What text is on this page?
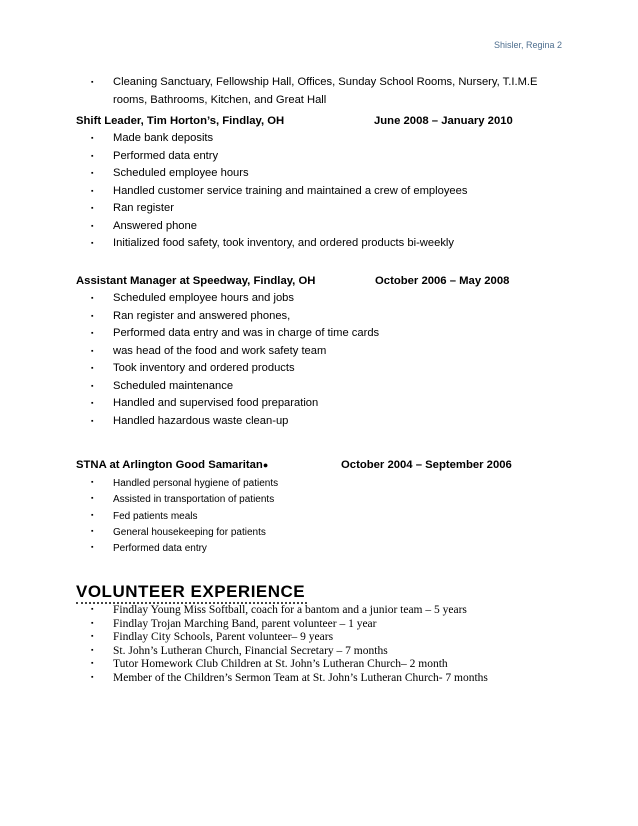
Shisler, Regina 2
▪ Cleaning Sanctuary, Fellowship Hall, Offices, Sunday School Rooms, Nursery, T.I.M.E rooms, Bathrooms, Kitchen, and Great Hall
Shift Leader, Tim Horton’s, Findlay, OH	June 2008 – January 2010
▪ Made bank deposits
▪ Performed data entry
▪ Scheduled employee hours
▪ Handled customer service training and maintained a crew of employees
▪ Ran register
▪ Answered phone
▪ Initialized food safety, took inventory, and ordered products bi-weekly
Assistant Manager at Speedway, Findlay, OH	October 2006 – May 2008
▪ Scheduled employee hours and jobs
▪ Ran register and answered phones,
▪ Performed data entry and was in charge of time cards
▪ was head of the food and work safety team
▪ Took inventory and ordered products
▪ Scheduled maintenance
▪ Handled and supervised food preparation
▪ Handled hazardous waste clean-up
STNA at Arlington Good Samaritan●	October 2004 – September 2006
▪ Handled personal hygiene of patients
▪ Assisted in transportation of patients
▪ Fed patients meals
▪ General housekeeping for patients
▪ Performed data entry
VOLUNTEER EXPERIENCE
▪ Findlay Young Miss Softball, coach for a bantom and a junior team – 5 years
▪ Findlay Trojan Marching Band, parent volunteer – 1 year
▪ Findlay City Schools, Parent volunteer– 9 years
▪ St. John’s Lutheran Church, Financial Secretary – 7 months
▪ Tutor Homework Club Children at St. John’s Lutheran Church– 2 month
▪ Member of the Children’s Sermon Team at St. John’s Lutheran Church- 7 months
